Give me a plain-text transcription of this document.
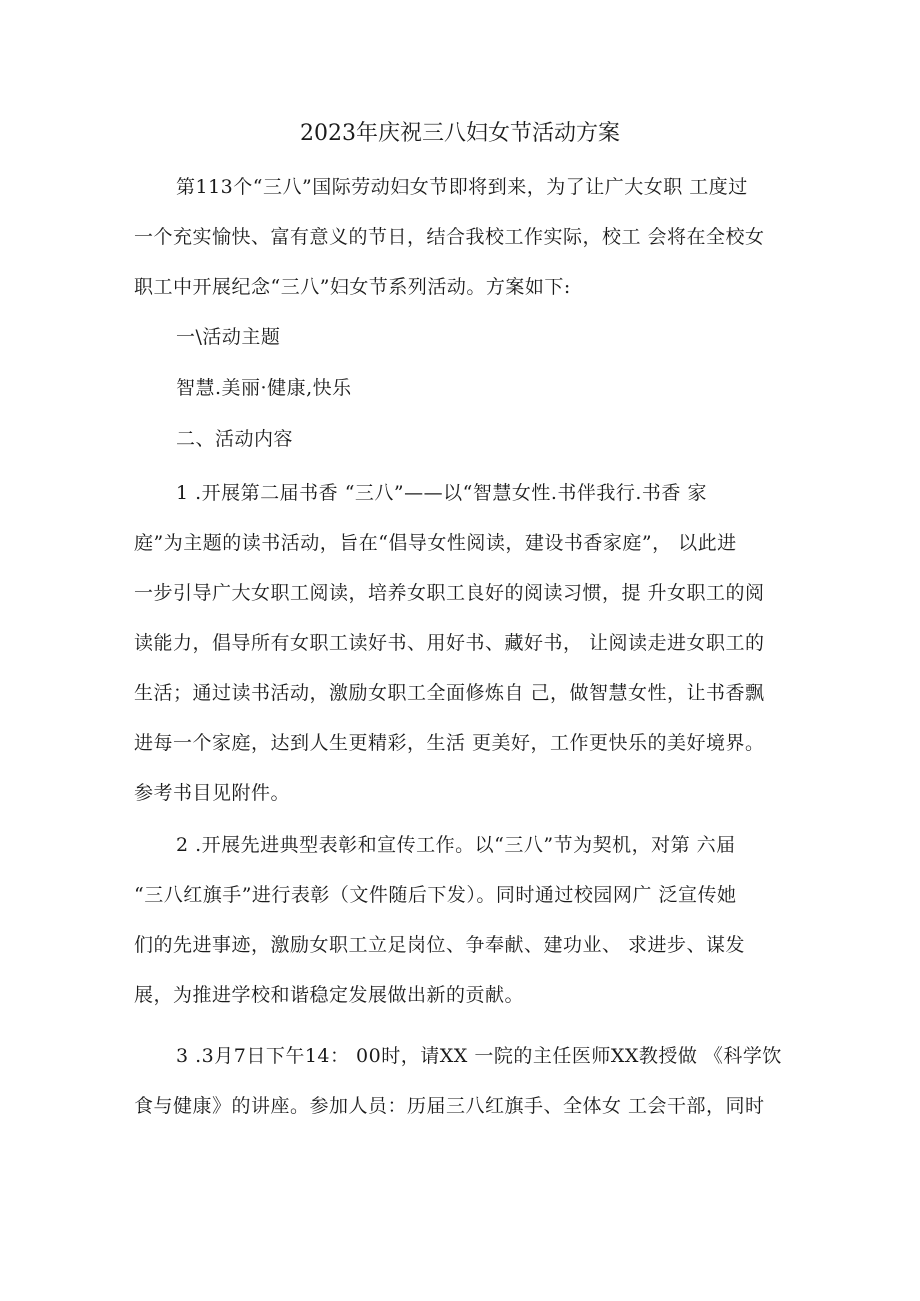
2023年庆祝三八妇女节活动方案
第113个“三八”国际劳动妇女节即将到来，为了让广大女职 工度过
一个充实愉快、富有意义的节日，结合我校工作实际，校工 会将在全校女
职工中开展纪念“三八”妇女节系列活动。方案如下:
一\活动主题
智慧.美丽·健康,快乐
二、活动内容
1 .开展第二届书香 “三八”——以“智慧女性.书伴我行.书香 家
庭”为主题的读书活动，旨在“倡导女性阅读，建设书香家庭”， 以此进
一步引导广大女职工阅读，培养女职工良好的阅读习惯，提 升女职工的阅
读能力，倡导所有女职工读好书、用好书、藏好书， 让阅读走进女职工的
生活；通过读书活动，激励女职工全面修炼自 己，做智慧女性，让书香飘
进每一个家庭，达到人生更精彩，生活 更美好，工作更快乐的美好境界。
参考书目见附件。
2 .开展先进典型表彰和宣传工作。以“三八”节为契机，对第 六届
“三八红旗手”进行表彰（文件随后下发）。同时通过校园网广 泛宣传她
们的先进事迹，激励女职工立足岗位、争奉献、建功业、 求进步、谋发
展，为推进学校和谐稳定发展做出新的贡献。
3 .3月7日下午14： 00时，请XX 一院的主任医师XX教授做 《科学饮
食与健康》的讲座。参加人员：历届三八红旗手、全体女 工会干部，同时
